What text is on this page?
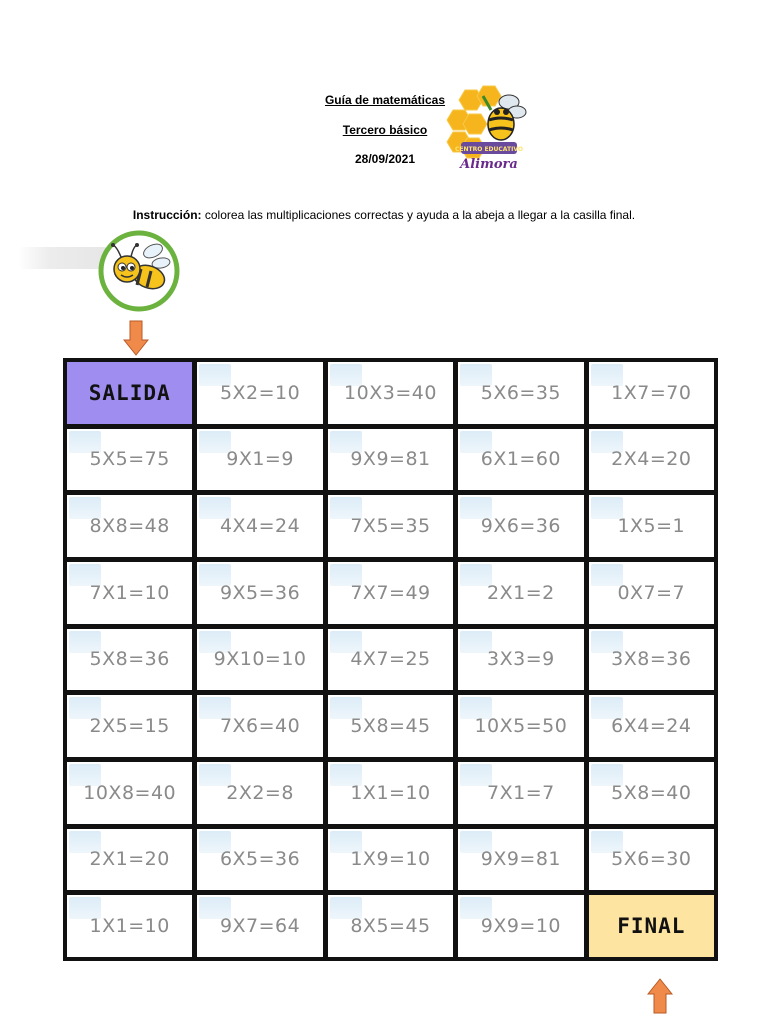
Guía de matemáticas
Tercero básico
28/09/2021
CENTRO EDUCATIVO
Alimora
Instrucción: colorea las multiplicaciones correctas y ayuda a la abeja a llegar a la casilla final.
SALIDA	5X2=10 10X3=40 5X6=35	1X7=70
5X5=75	9X1=9	9X9=81	6X1=60	2X4=20
8X8=48	4X4=24	7X5=35	9X6=36	1X5=1
7X1=10	9X5=36	7X7=49	2X1=2	0X7=7
5X8=36 9X10=10 4X7=25	3X3=9	3X8=36
2X5=15	7X6=40	5X8=45 10X5=50 6X4=24
10X8=40	2X2=8	1X1=10	7X1=7	5X8=40
2X1=20	6X5=36	1X9=10	9X9=81	5X6=30
1X1=10	9X7=64	8X5=45	9X9=10	FINAL
